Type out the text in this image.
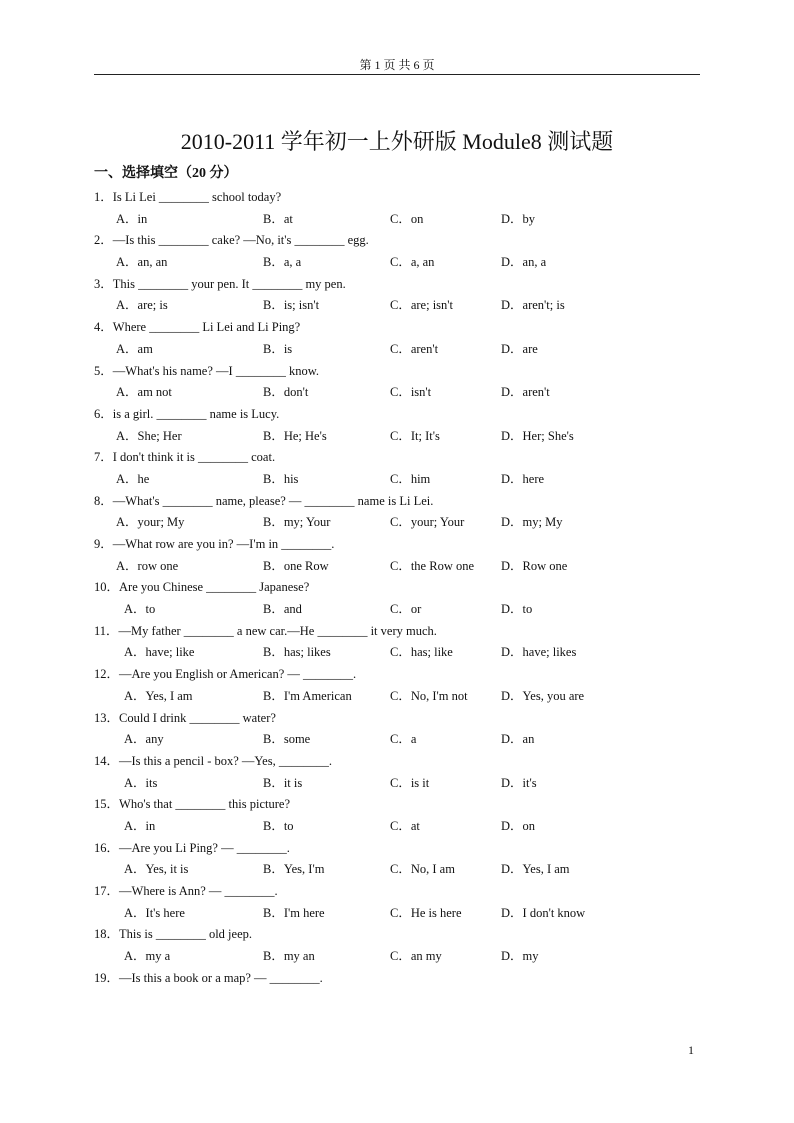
第 1 页 共 6 页
2010-2011 学年初一上外研版 Module8 测试题
一、选择填空（20 分）
1．Is Li Lei ________ school today?
A．in	B．at	C．on	D．by
2．—Is this ________ cake? —No, it's ________ egg.
A．an, an	B．a, a	C．a, an	D．an, a
3．This ________ your pen. It ________ my pen.
A．are; is	B．is; isn't	C．are; isn't	D．aren't; is
4．Where ________ Li Lei and Li Ping?
A．am	B．is	C．aren't	D．are
5．—What's his name? —I ________ know.
A．am not	B．don't	C．isn't	D．aren't
6．is a girl. ________ name is Lucy.
A．She; Her	B．He; He's	C．It; It's	D．Her; She's
7．I don't think it is ________ coat.
A．he	B．his	C．him	D．here
8．—What's ________ name, please? — ________ name is Li Lei.
A．your; My	B．my; Your	C．your; Your	D．my; My
9．—What row are you in? —I'm in ________.
A．row one	B．one Row	C．the Row one D．Row one
10．Are you Chinese ________ Japanese?
A．to	B．and	C．or	D．to
11．—My father ________ a new car.—He ________ it very much.
A．have; like	B．has; likes	C．has; like	D．have; likes
12．—Are you English or American? — ________.
A．Yes, I am	B．I'm American	C．No, I'm not	D．Yes, you are
13．Could I drink ________ water?
A．any	B．some	C．a	D．an
14．—Is this a pencil - box? —Yes, ________.
A．its	B．it is	C．is it	D．it's
15．Who's that ________ this picture?
A．in	B．to	C．at	D．on
16．—Are you Li Ping? — ________.
A．Yes, it is	B．Yes, I'm	C．No, I am	D．Yes, I am
17．—Where is Ann? — ________.
A．It's here	B．I'm here	C．He is here	D．I don't know
18．This is ________ old jeep.
A．my a	B．my an	C．an my	D．my
19．—Is this a book or a map? — ________.
1
